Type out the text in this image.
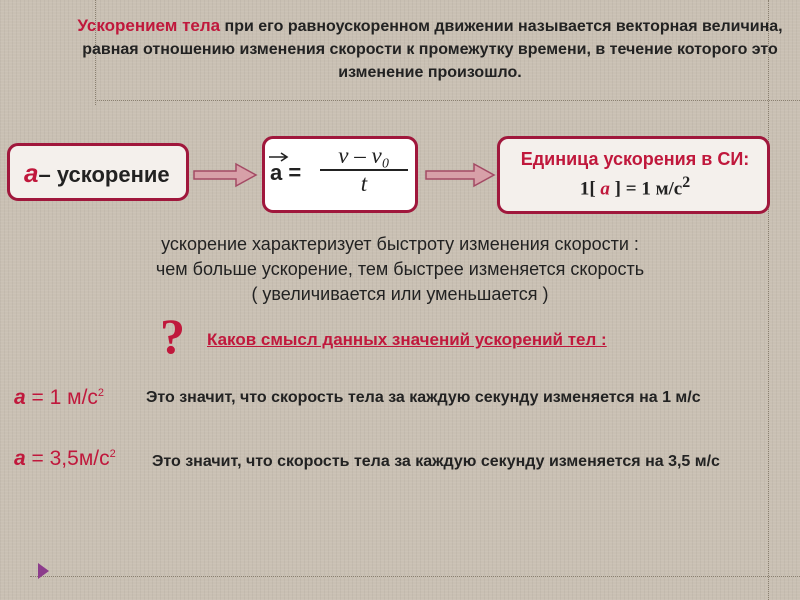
Ускорением тела при его равноускоренном движении называется векторная величина, равная отношению изменения скорости к промежутку времени, в течение которого это изменение произошло.
a– ускорение	a =
v – v₀
t
Единица ускорения в СИ:
1[ a ] = 1 $м/с^2$
ускорение характеризует быстроту изменения скорости :
чем больше ускорение, тем быстрее изменяется скорость
( увеличивается или уменьшается )
? Каков смысл данных значений ускорений тел :
a = 1 $м/с^2$	Это значит, что скорость тела за каждую секунду изменяется на 1 м/с
$a = 3,5м/с^2$ Это значит, что скорость тела за каждую секунду изменяется на 3,5 м/с
